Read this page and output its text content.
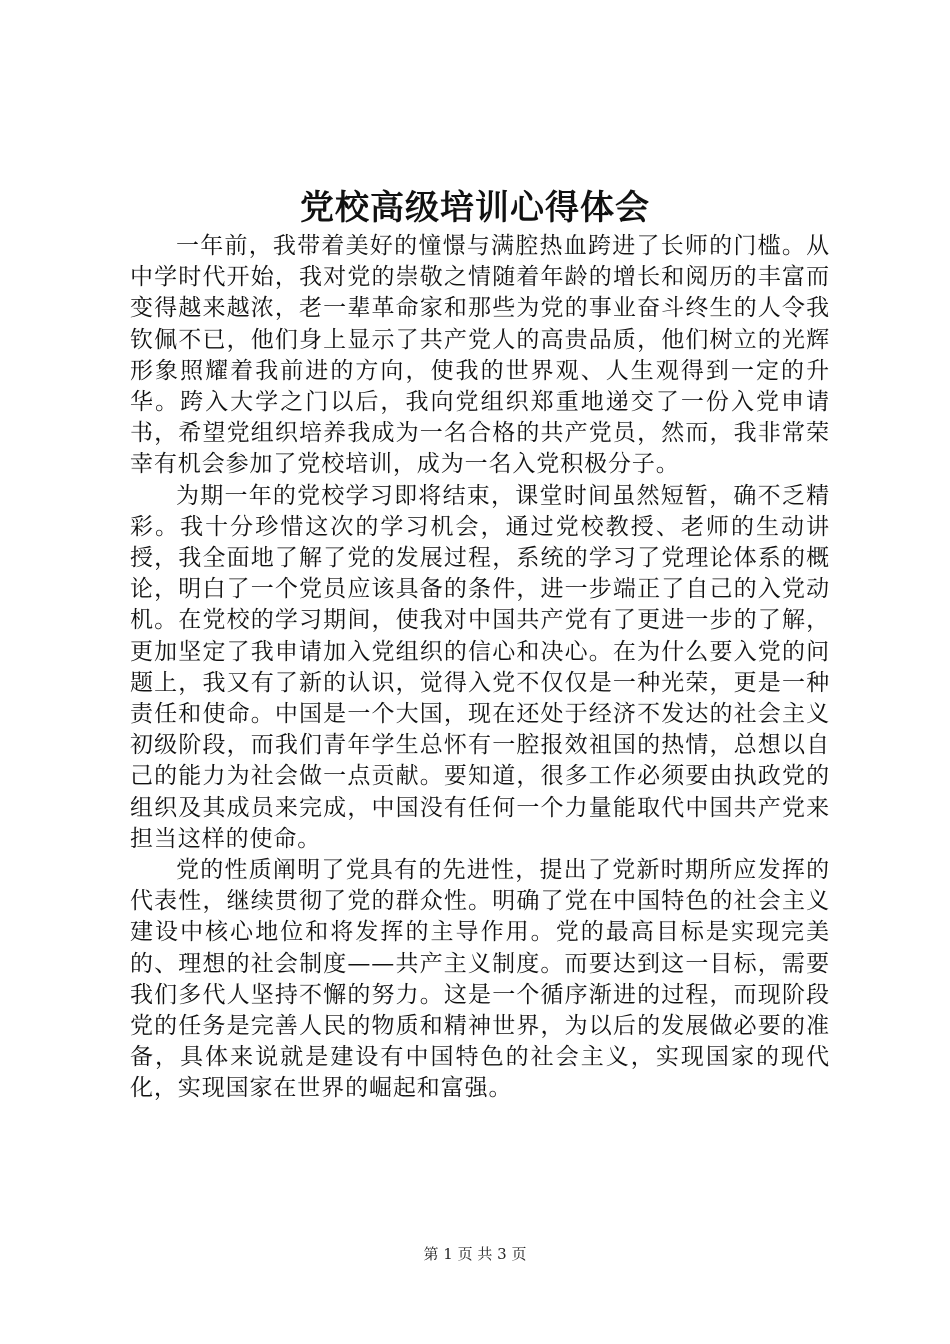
党校高级培训心得体会

一年前，我带着美好的憧憬与满腔热血跨进了长师的门槛。从中学时代开始，我对党的崇敬之情随着年龄的增长和阅历的丰富而变得越来越浓，老一辈革命家和那些为党的事业奋斗终生的人令我钦佩不已，他们身上显示了共产党人的高贵品质，他们树立的光辉形象照耀着我前进的方向，使我的世界观、人生观得到一定的升华。跨入大学之门以后，我向党组织郑重地递交了一份入党申请书，希望党组织培养我成为一名合格的共产党员，然而，我非常荣幸有机会参加了党校培训，成为一名入党积极分子。

为期一年的党校学习即将结束，课堂时间虽然短暂，确不乏精彩。我十分珍惜这次的学习机会，通过党校教授、老师的生动讲授，我全面地了解了党的发展过程，系统的学习了党理论体系的概论，明白了一个党员应该具备的条件，进一步端正了自己的入党动机。在党校的学习期间，使我对中国共产党有了更进一步的了解，更加坚定了我申请加入党组织的信心和决心。在为什么要入党的问题上，我又有了新的认识，觉得入党不仅仅是一种光荣，更是一种责任和使命。中国是一个大国，现在还处于经济不发达的社会主义初级阶段，而我们青年学生总怀有一腔报效祖国的热情，总想以自己的能力为社会做一点贡献。要知道，很多工作必须要由执政党的组织及其成员来完成，中国没有任何一个力量能取代中国共产党来担当这样的使命。

党的性质阐明了党具有的先进性，提出了党新时期所应发挥的代表性，继续贯彻了党的群众性。明确了党在中国特色的社会主义建设中核心地位和将发挥的主导作用。党的最高目标是实现完美的、理想的社会制度——共产主义制度。而要达到这一目标，需要我们多代人坚持不懈的努力。这是一个循序渐进的过程，而现阶段党的任务是完善人民的物质和精神世界，为以后的发展做必要的准备，具体来说就是建设有中国特色的社会主义，实现国家的现代化，实现国家在世界的崛起和富强。

第 1 页 共 3 页
